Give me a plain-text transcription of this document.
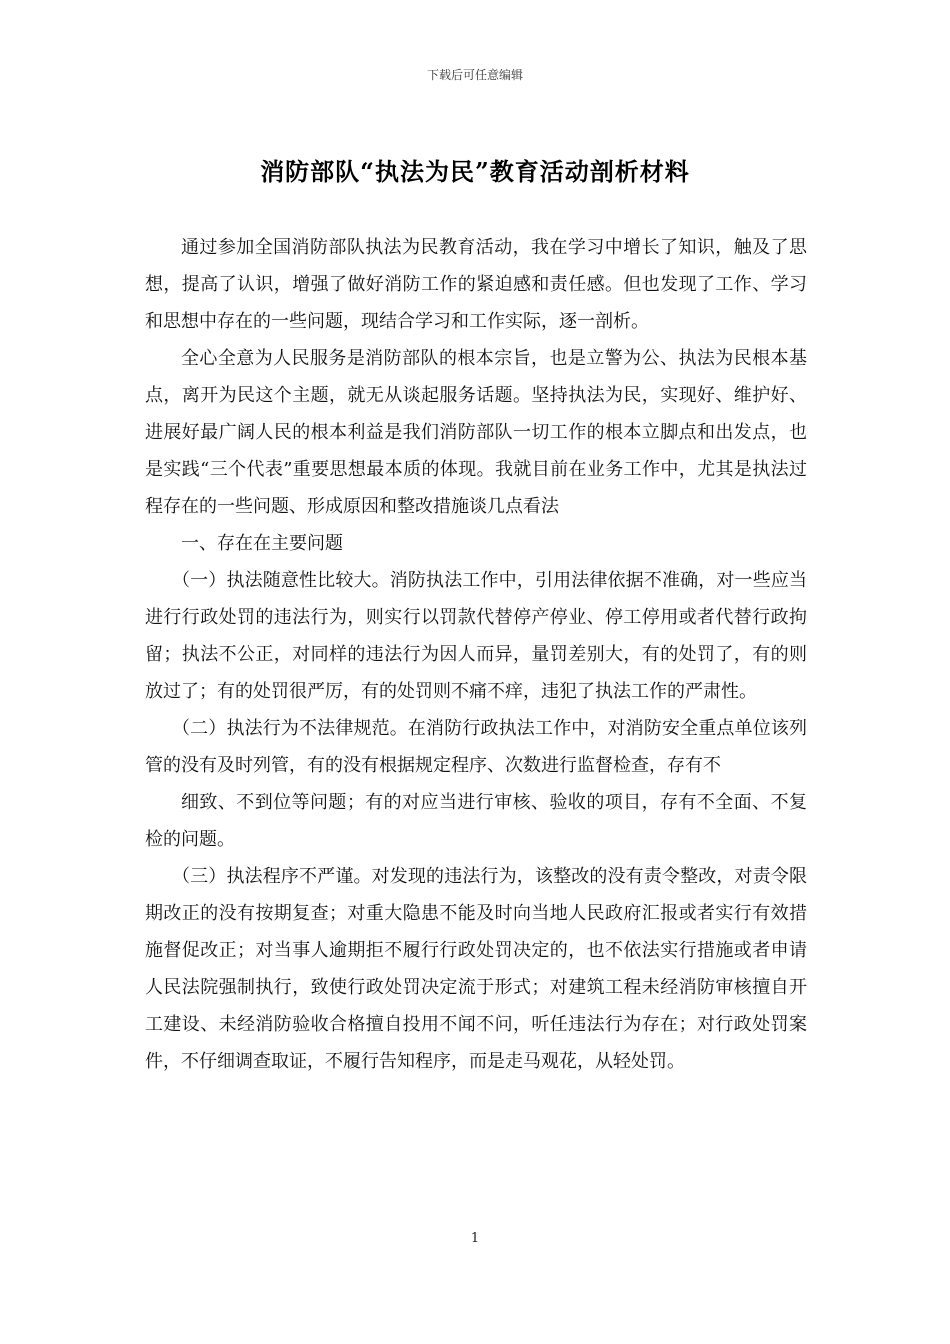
下载后可任意编辑
消防部队“执法为民”教育活动剖析材料

通过参加全国消防部队执法为民教育活动，我在学习中增长了知识，触及了思想，提高了认识，增强了做好消防工作的紧迫感和责任感。但也发现了工作、学习和思想中存在的一些问题，现结合学习和工作实际，逐一剖析。

全心全意为人民服务是消防部队的根本宗旨，也是立警为公、执法为民根本基点，离开为民这个主题，就无从谈起服务话题。坚持执法为民，实现好、维护好、进展好最广阔人民的根本利益是我们消防部队一切工作的根本立脚点和出发点，也是实践“三个代表”重要思想最本质的体现。我就目前在业务工作中，尤其是执法过程存在的一些问题、形成原因和整改措施谈几点看法

一、存在在主要问题

（一）执法随意性比较大。消防执法工作中，引用法律依据不准确，对一些应当进行行政处罚的违法行为，则实行以罚款代替停产停业、停工停用或者代替行政拘留；执法不公正，对同样的违法行为因人而异，量罚差别大，有的处罚了，有的则放过了；有的处罚很严厉，有的处罚则不痛不痒，违犯了执法工作的严肃性。

（二）执法行为不法律规范。在消防行政执法工作中，对消防安全重点单位该列管的没有及时列管，有的没有根据规定程序、次数进行监督检查，存有不

细致、不到位等问题；有的对应当进行审核、验收的项目，存有不全面、不复检的问题。

（三）执法程序不严谨。对发现的违法行为，该整改的没有责令整改，对责令限期改正的没有按期复查；对重大隐患不能及时向当地人民政府汇报或者实行有效措施督促改正；对当事人逾期拒不履行行政处罚决定的，也不依法实行措施或者申请人民法院强制执行，致使行政处罚决定流于形式；对建筑工程未经消防审核擅自开工建设、未经消防验收合格擅自投用不闻不问，听任违法行为存在；对行政处罚案件，不仔细调查取证，不履行告知程序，而是走马观花，从轻处罚。

1
